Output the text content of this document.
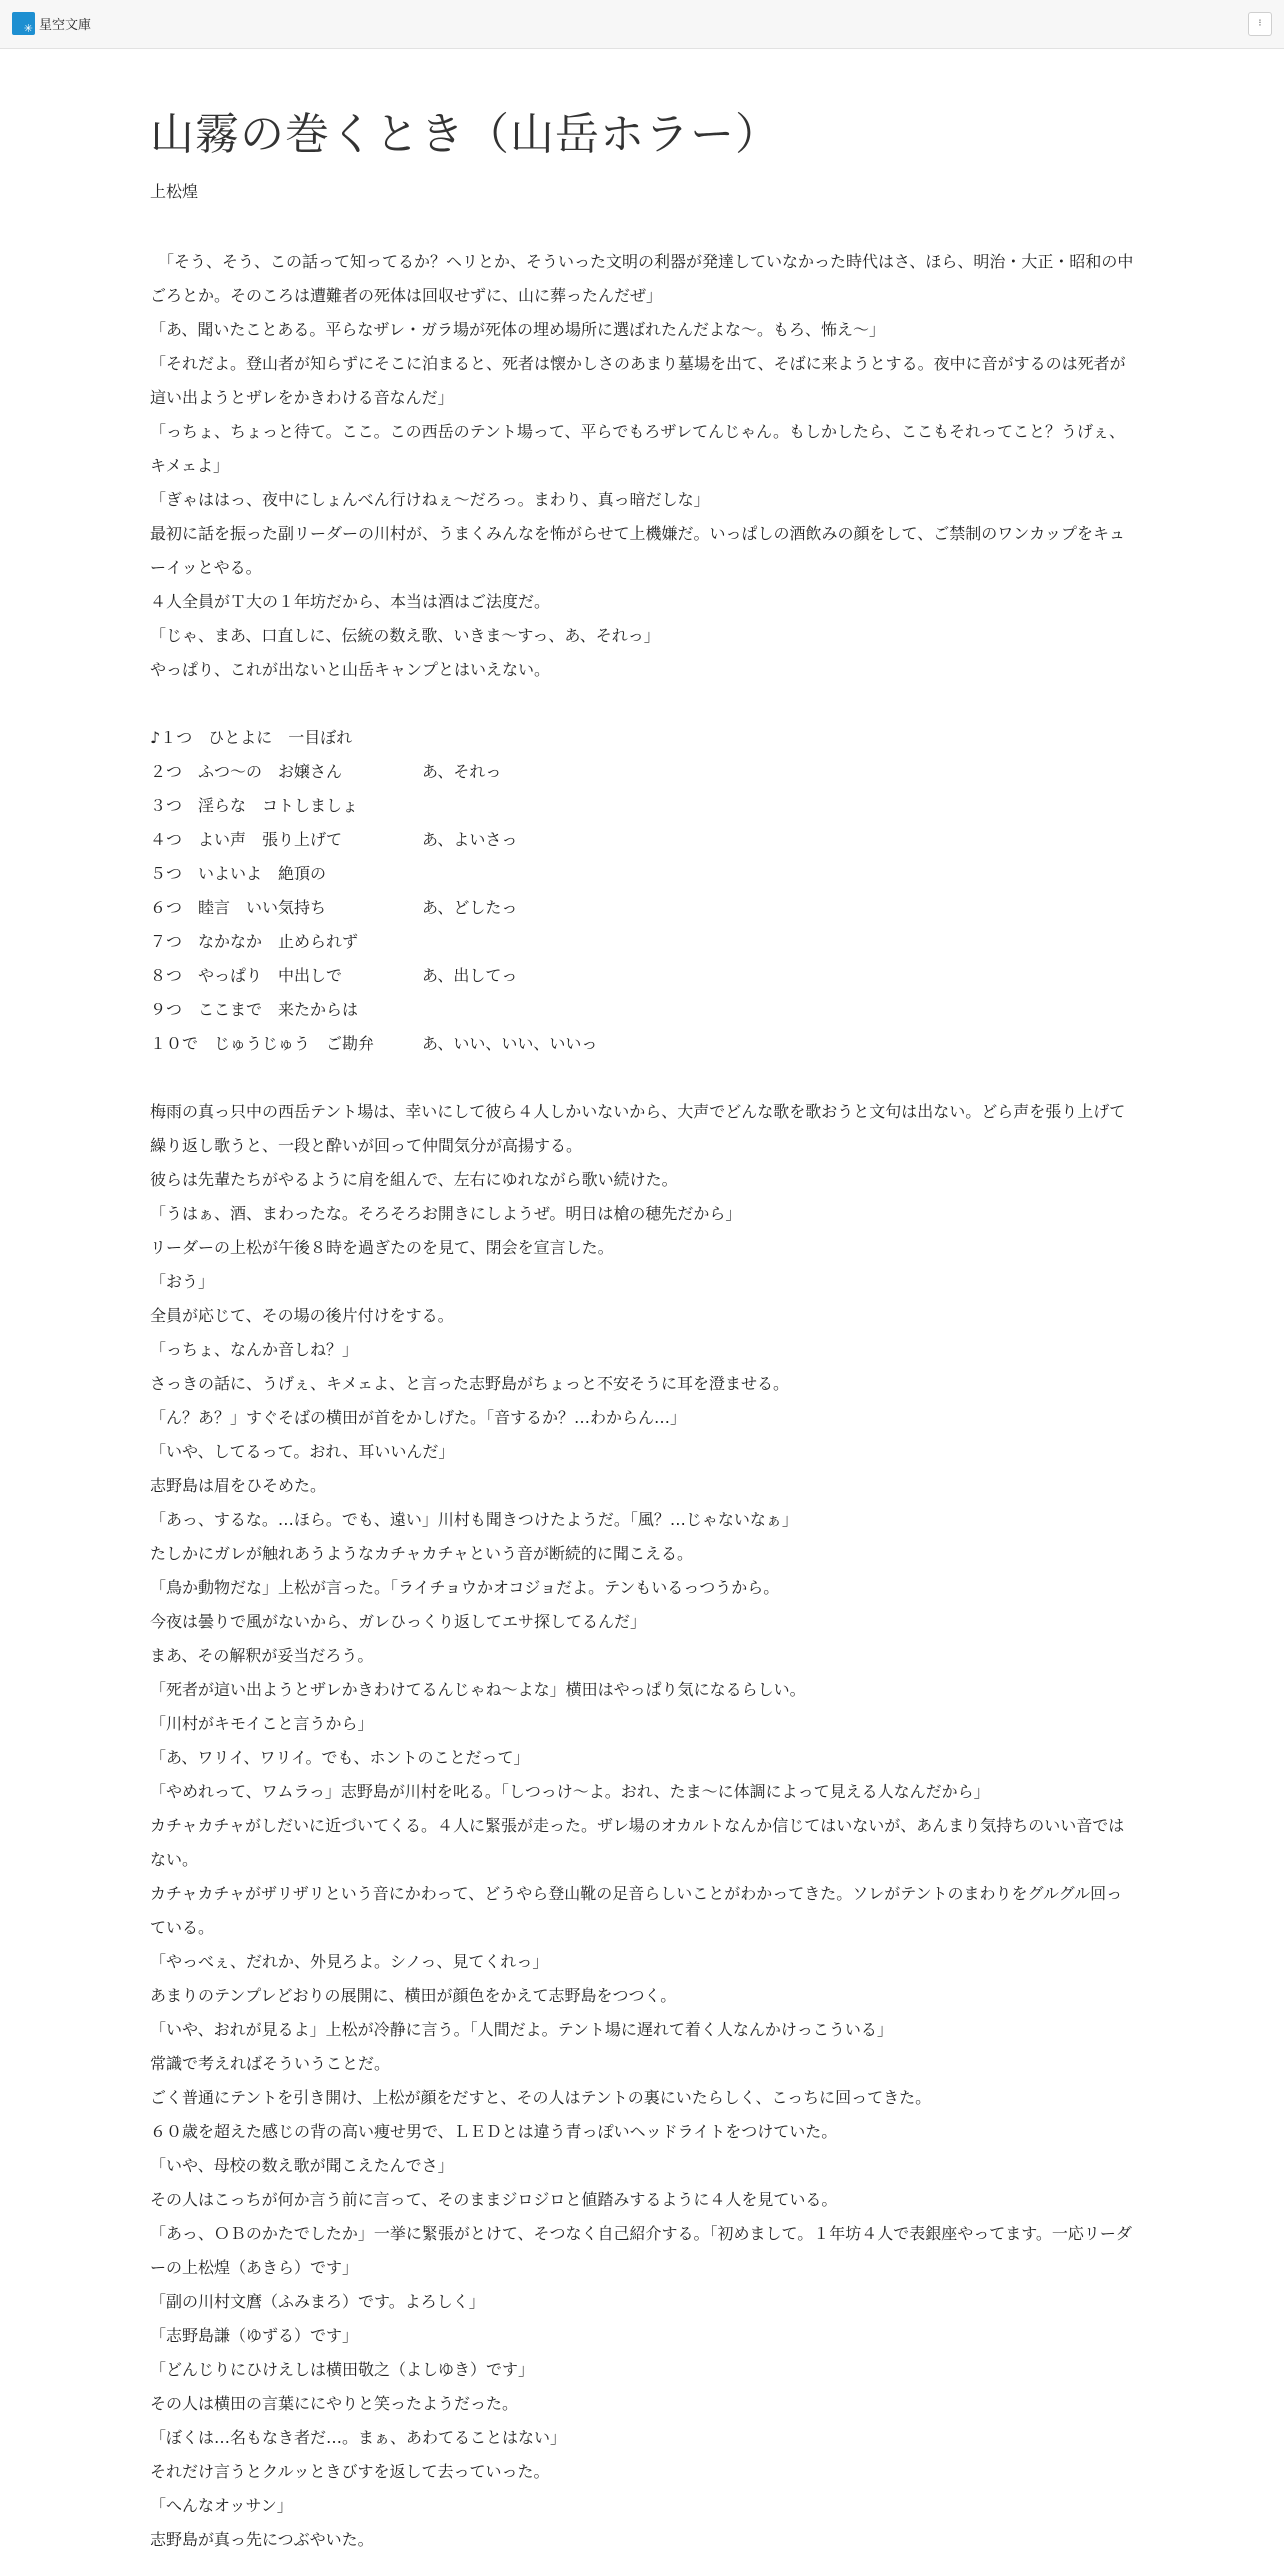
✳ 星空文庫	⁝
山霧の巻くとき（山岳ホラー）
上松煌
　「そう、そう、この話って知ってるか？ヘリとか、そういった文明の利器が発達していなかった時代はさ、ほら、明治・大正・昭和の中ごろとか。そのころは遭難者の死体は回収せずに、山に葬ったんだぜ」
「あ、聞いたことある。平らなザレ・ガラ場が死体の埋め場所に選ばれたんだよな～。もろ、怖え～」
「それだよ。登山者が知らずにそこに泊まると、死者は懐かしさのあまり墓場を出て、そばに来ようとする。夜中に音がするのは死者が這い出ようとザレをかきわける音なんだ」
「っちょ、ちょっと待て。ここ。この西岳のテント場って、平らでもろザレてんじゃん。もしかしたら、ここもそれってこと？うげぇ、キメェよ」
「ぎゃははっ、夜中にしょんべん行けねぇ～だろっ。まわり、真っ暗だしな」
最初に話を振った副リーダーの川村が、うまくみんなを怖がらせて上機嫌だ。いっぱしの酒飲みの顔をして、ご禁制のワンカップをキューイッとやる。
４人全員がＴ大の１年坊だから、本当は酒はご法度だ。
「じゃ、まあ、口直しに、伝統の数え歌、いきま～すっ、あ、それっ」
やっぱり、これが出ないと山岳キャンプとはいえない。
♪１つ　ひとよに　一目ぼれ
２つ　ふつ～の　お嬢さん	あ、それっ
３つ　淫らな　コトしましょ
４つ　よい声　張り上げて	あ、よいさっ
５つ　いよいよ　絶頂の
６つ　睦言　いい気持ち	あ、どしたっ
７つ　なかなか　止められず
８つ　やっぱり　中出しで	あ、出してっ
９つ　ここまで　来たからは
１０で　じゅうじゅう　ご勘弁	あ、いい、いい、いいっ
梅雨の真っ只中の西岳テント場は、幸いにして彼ら４人しかいないから、大声でどんな歌を歌おうと文句は出ない。どら声を張り上げて繰り返し歌うと、一段と酔いが回って仲間気分が高揚する。
彼らは先輩たちがやるように肩を組んで、左右にゆれながら歌い続けた。
「うはぁ、酒、まわったな。そろそろお開きにしようぜ。明日は槍の穂先だから」
リーダーの上松が午後８時を過ぎたのを見て、閉会を宣言した。
「おう」
全員が応じて、その場の後片付けをする。
「っちょ、なんか音しね？」
さっきの話に、うげぇ、キメェよ、と言った志野島がちょっと不安そうに耳を澄ませる。
「ん？あ？」すぐそばの横田が首をかしげた。「音するか？…わからん…」
「いや、してるって。おれ、耳いいんだ」
志野島は眉をひそめた。
「あっ、するな。…ほら。でも、遠い」川村も聞きつけたようだ。「風？…じゃないなぁ」
たしかにガレが触れあうようなカチャカチャという音が断続的に聞こえる。
「鳥か動物だな」上松が言った。「ライチョウかオコジョだよ。テンもいるっつうから。
今夜は曇りで風がないから、ガレひっくり返してエサ探してるんだ」
まあ、その解釈が妥当だろう。
「死者が這い出ようとザレかきわけてるんじゃね～よな」横田はやっぱり気になるらしい。
「川村がキモイこと言うから」
「あ、ワリイ、ワリイ。でも、ホントのことだって」
「やめれって、ワムラっ」志野島が川村を叱る。「しつっけ～よ。おれ、たま～に体調によって見える人なんだから」
カチャカチャがしだいに近づいてくる。４人に緊張が走った。ザレ場のオカルトなんか信じてはいないが、あんまり気持ちのいい音ではない。
カチャカチャがザリザリという音にかわって、どうやら登山靴の足音らしいことがわかってきた。ソレがテントのまわりをグルグル回っている。
「やっべぇ、だれか、外見ろよ。シノっ、見てくれっ」
あまりのテンプレどおりの展開に、横田が顔色をかえて志野島をつつく。
「いや、おれが見るよ」上松が冷静に言う。「人間だよ。テント場に遅れて着く人なんかけっこういる」
常識で考えればそういうことだ。
ごく普通にテントを引き開け、上松が顔をだすと、その人はテントの裏にいたらしく、こっちに回ってきた。
６０歳を超えた感じの背の高い痩せ男で、ＬＥＤとは違う青っぽいヘッドライトをつけていた。
「いや、母校の数え歌が聞こえたんでさ」
その人はこっちが何か言う前に言って、そのままジロジロと値踏みするように４人を見ている。
「あっ、ＯＢのかたでしたか」一挙に緊張がとけて、そつなく自己紹介する。「初めまして。１年坊４人で表銀座やってます。一応リーダーの上松煌（あきら）です」
「副の川村文麿（ふみまろ）です。よろしく」
「志野島謙（ゆずる）です」
「どんじりにひけえしは横田敬之（よしゆき）です」
その人は横田の言葉ににやりと笑ったようだった。
「ぼくは…名もなき者だ…。まぁ、あわてることはない」
それだけ言うとクルッときびすを返して去っていった。
「へんなオッサン」
志野島が真っ先につぶやいた。
